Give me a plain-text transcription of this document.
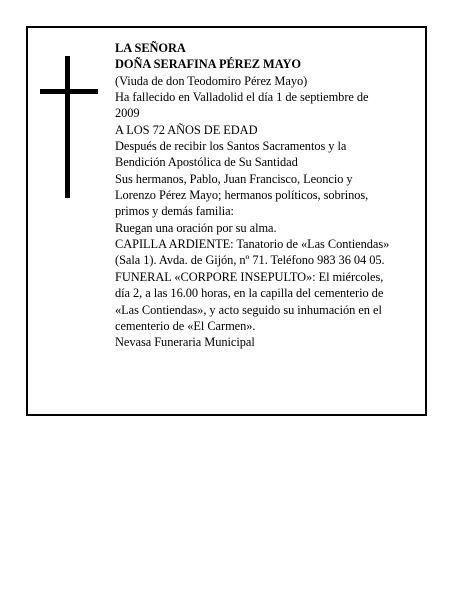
LA SEÑORA
DOÑA SERAFINA PÉREZ MAYO
(Viuda de don Teodomiro Pérez Mayo)
Ha fallecido en Valladolid el día 1 de septiembre de
2009
A LOS 72 AÑOS DE EDAD
Después de recibir los Santos Sacramentos y la
Bendición Apostólica de Su Santidad
Sus hermanos, Pablo, Juan Francisco, Leoncio y
Lorenzo Pérez Mayo; hermanos políticos, sobrinos,
primos y demás familia:
Ruegan una oración por su alma.
CAPILLA ARDIENTE: Tanatorio de «Las Contiendas»
(Sala 1). Avda. de Gijón, nº 71. Teléfono 983 36 04 05.
FUNERAL «CORPORE INSEPULTO»: El miércoles,
día 2, a las 16.00 horas, en la capilla del cementerio de
«Las Contiendas», y acto seguido su inhumación en el
cementerio de «El Carmen».
Nevasa Funeraria Municipal
